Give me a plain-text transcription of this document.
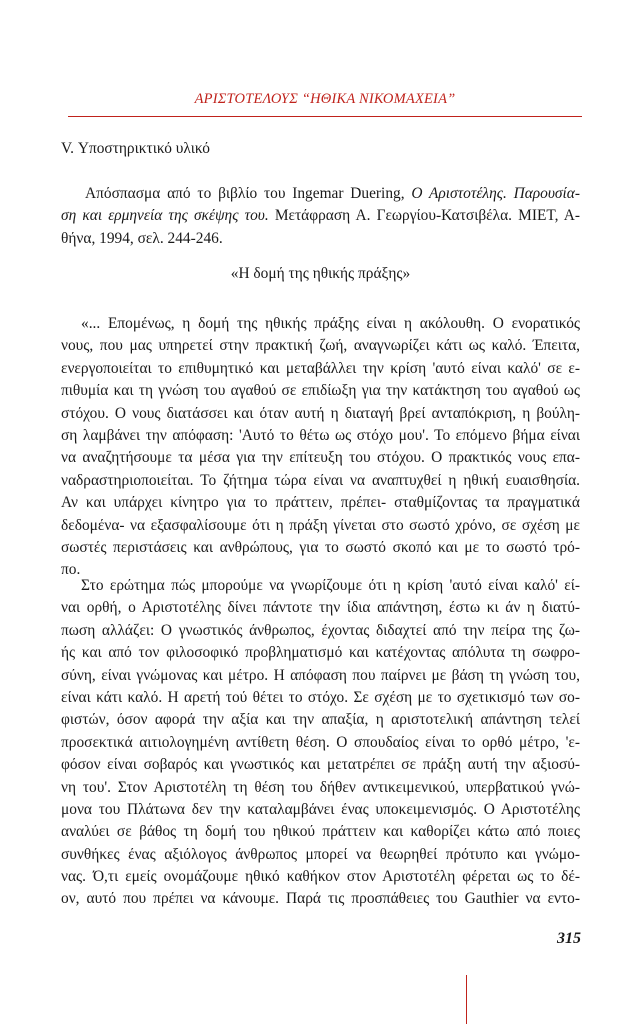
ΑΡΙΣΤΟΤΕΛΟΥΣ “ΗΘΙΚΑ ΝΙΚΟΜΑΧΕΙΑ”
V. Υποστηρικτικό υλικό
Απόσπασμα από το βιβλίο του Ingemar Duering, Ο Αριστοτέλης. Παρουσία-
ση και ερμηνεία της σκέψης του. Μετάφραση Α. Γεωργίου-Κατσιβέλα. ΜΙΕΤ, Α-
θήνα, 1994, σελ. 244-246.
«Η δομή της ηθικής πράξης»
«... Επομένως, η δομή της ηθικής πράξης είναι η ακόλουθη. Ο ενορατικός
νους, που μας υπηρετεί στην πρακτική ζωή, αναγνωρίζει κάτι ως καλό. Έπειτα,
ενεργοποιείται το επιθυμητικό και μεταβάλλει την κρίση 'αυτό είναι καλό' σε ε-
πιθυμία και τη γνώση του αγαθού σε επιδίωξη για την κατάκτηση του αγαθού ως
στόχου. Ο νους διατάσσει και όταν αυτή η διαταγή βρεί ανταπόκριση, η βούλη-
ση λαμβάνει την απόφαση: 'Αυτό το θέτω ως στόχο μου'. Το επόμενο βήμα είναι
να αναζητήσουμε τα μέσα για την επίτευξη του στόχου. Ο πρακτικός νους επα-
ναδραστηριοποιείται. Το ζήτημα τώρα είναι να αναπτυχθεί η ηθική ευαισθησία.
Αν και υπάρχει κίνητρο για το πράττειν, πρέπει- σταθμίζοντας τα πραγματικά
δεδομένα- να εξασφαλίσουμε ότι η πράξη γίνεται στο σωστό χρόνο, σε σχέση με
σωστές περιστάσεις και ανθρώπους, για το σωστό σκοπό και με το σωστό τρό-
πο.
Στο ερώτημα πώς μπορούμε να γνωρίζουμε ότι η κρίση 'αυτό είναι καλό' εί-
ναι ορθή, ο Αριστοτέλης δίνει πάντοτε την ίδια απάντηση, έστω κι άν η διατύ-
πωση αλλάζει: Ο γνωστικός άνθρωπος, έχοντας διδαχτεί από την πείρα της ζω-
ής και από τον φιλοσοφικό προβληματισμό και κατέχοντας απόλυτα τη σωφρο-
σύνη, είναι γνώμονας και μέτρο. Η απόφαση που παίρνει με βάση τη γνώση του,
είναι κάτι καλό. Η αρετή τού θέτει το στόχο. Σε σχέση με το σχετικισμό των σο-
φιστών, όσον αφορά την αξία και την απαξία, η αριστοτελική απάντηση τελεί
προσεκτικά αιτιολογημένη αντίθετη θέση. Ο σπουδαίος είναι το ορθό μέτρο, 'ε-
φόσον είναι σοβαρός και γνωστικός και μετατρέπει σε πράξη αυτή την αξιοσύ-
νη του'. Στον Αριστοτέλη τη θέση του δήθεν αντικειμενικού, υπερβατικού γνώ-
μονα του Πλάτωνα δεν την καταλαμβάνει ένας υποκειμενισμός. Ο Αριστοτέλης
αναλύει σε βάθος τη δομή του ηθικού πράττειν και καθορίζει κάτω από ποιες
συνθήκες ένας αξιόλογος άνθρωπος μπορεί να θεωρηθεί πρότυπο και γνώμο-
νας. Ό,τι εμείς ονομάζουμε ηθικό καθήκον στον Αριστοτέλη φέρεται ως το δέ-
ον, αυτό που πρέπει να κάνουμε. Παρά τις προσπάθειες του Gauthier να εντο-
315
